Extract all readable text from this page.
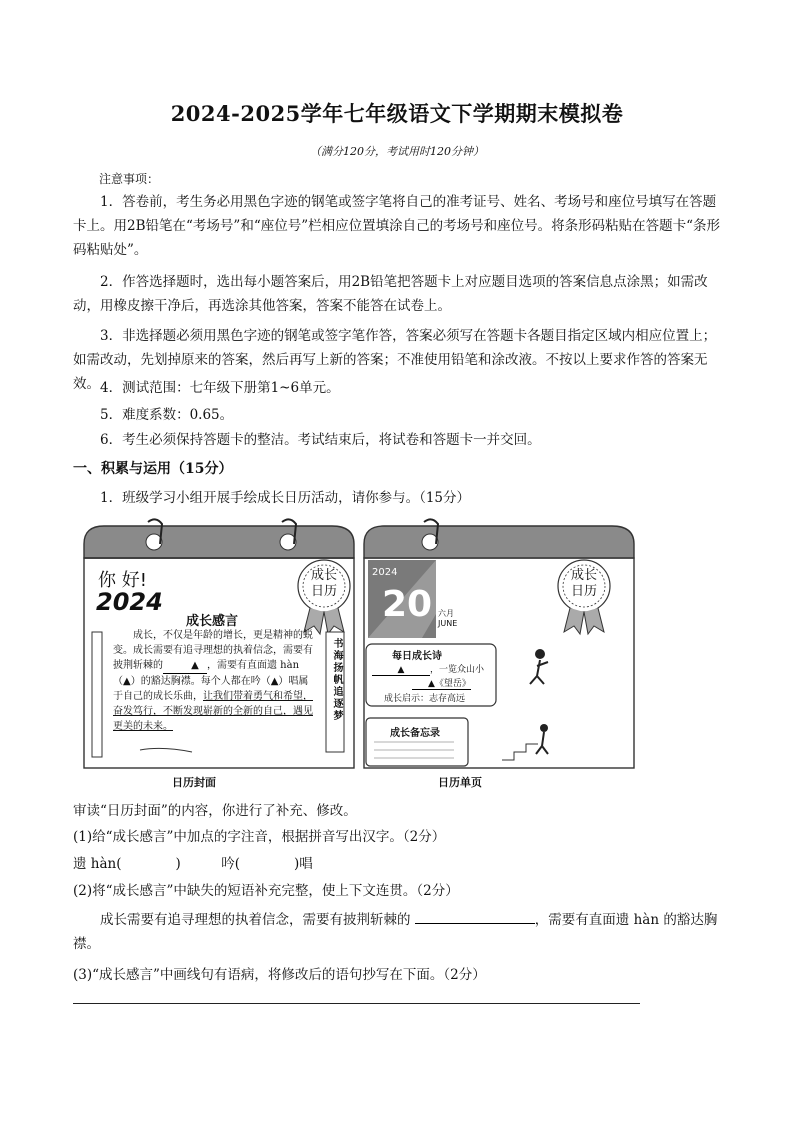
2024-2025学年七年级语文下学期期末模拟卷
（满分120分，考试用时120分钟）
注意事项：

1．答卷前，考生务必用黑色字迹的钢笔或签字笔将自己的准考证号、姓名、考场号和座位号填写在答题卡上。用2B铅笔在“考场号”和“座位号”栏相应位置填涂自己的考场号和座位号。将条形码粘贴在答题卡“条形码粘贴处”。

2．作答选择题时，选出每小题答案后，用2B铅笔把答题卡上对应题目选项的答案信息点涂黑；如需改动，用橡皮擦干净后，再选涂其他答案，答案不能答在试卷上。

3．非选择题必须用黑色字迹的钢笔或签字笔作答，答案必须写在答题卡各题目指定区域内相应位置上；如需改动，先划掉原来的答案，然后再写上新的答案；不准使用铅笔和涂改液。不按以上要求作答的答案无效。 4．测试范围：七年级下册第1~6单元。

5．难度系数：0.65。

6．考生必须保持答题卡的整洁。考试结束后，将试卷和答题卡一并交回。

一、积累与运用（15分）
1．班级学习小组开展手绘成长日历活动，请你参与。（15分）
你 好!
2024
成长
日历
成长感言
成长，不仅是年龄的增长，更是精神的蜕变。成长需要有追寻理想的执着信念，需要有披荆斩棘的	▲ ，需要有直面遗 hàn（▲）的豁达胸襟。每个人都在吟（▲）唱属于自己的成长乐曲，让我们带着勇气和希望，奋发笃行，不断发现崭新的全新的自己，遇见更美的未来。
书海扬帆追逐梦
日历封面
2024
20 六月
JUNE
成长
日历
每日成长诗
▲	，一览众山小
▲《望岳》
成长启示：志存高远
成长备忘录
日历单页
审读“日历封面”的内容，你进行了补充、修改。
(1)给“成长感言”中加点的字注音，根据拼音写出汉字。（2分）
遗 hàn(　　　　)　　　吟(　　　　)唱
(2)将“成长感言”中缺失的短语补充完整，使上下文连贯。（2分）
成长需要有追寻理想的执着信念，需要有披荆斩棘的	，需要有直面遗 hàn 的豁达胸襟。
(3)“成长感言”中画线句有语病，将修改后的语句抄写在下面。（2分）
